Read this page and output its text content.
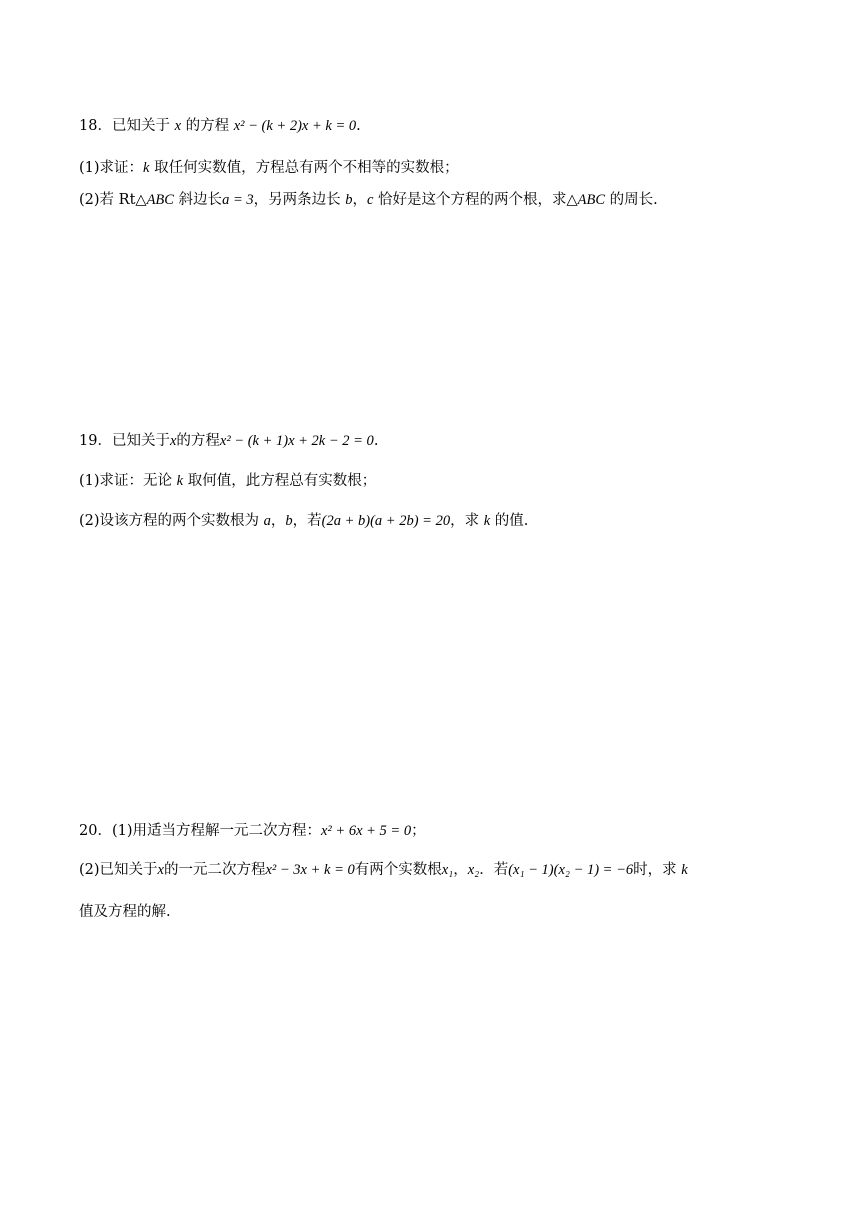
18．已知关于 x 的方程 x² − (k + 2)x + k = 0.
(1)求证：k 取任何实数值，方程总有两个不相等的实数根；
(2)若 Rt△ABC 斜边长a = 3，另两条边长 b，c 恰好是这个方程的两个根，求△ABC 的周长.
19．已知关于x的方程x² − (k + 1)x + 2k − 2 = 0.
(1)求证：无论 k 取何值，此方程总有实数根；
(2)设该方程的两个实数根为 a，b，若(2a + b)(a + 2b) = 20，求 k 的值.
20．(1)用适当方程解一元二次方程：x² + 6x + 5 = 0；
(2)已知关于x的一元二次方程x² − 3x + k = 0有两个实数根x₁，x₂．若(x₁ − 1)(x₂ − 1) = −6时，求 k
值及方程的解.
